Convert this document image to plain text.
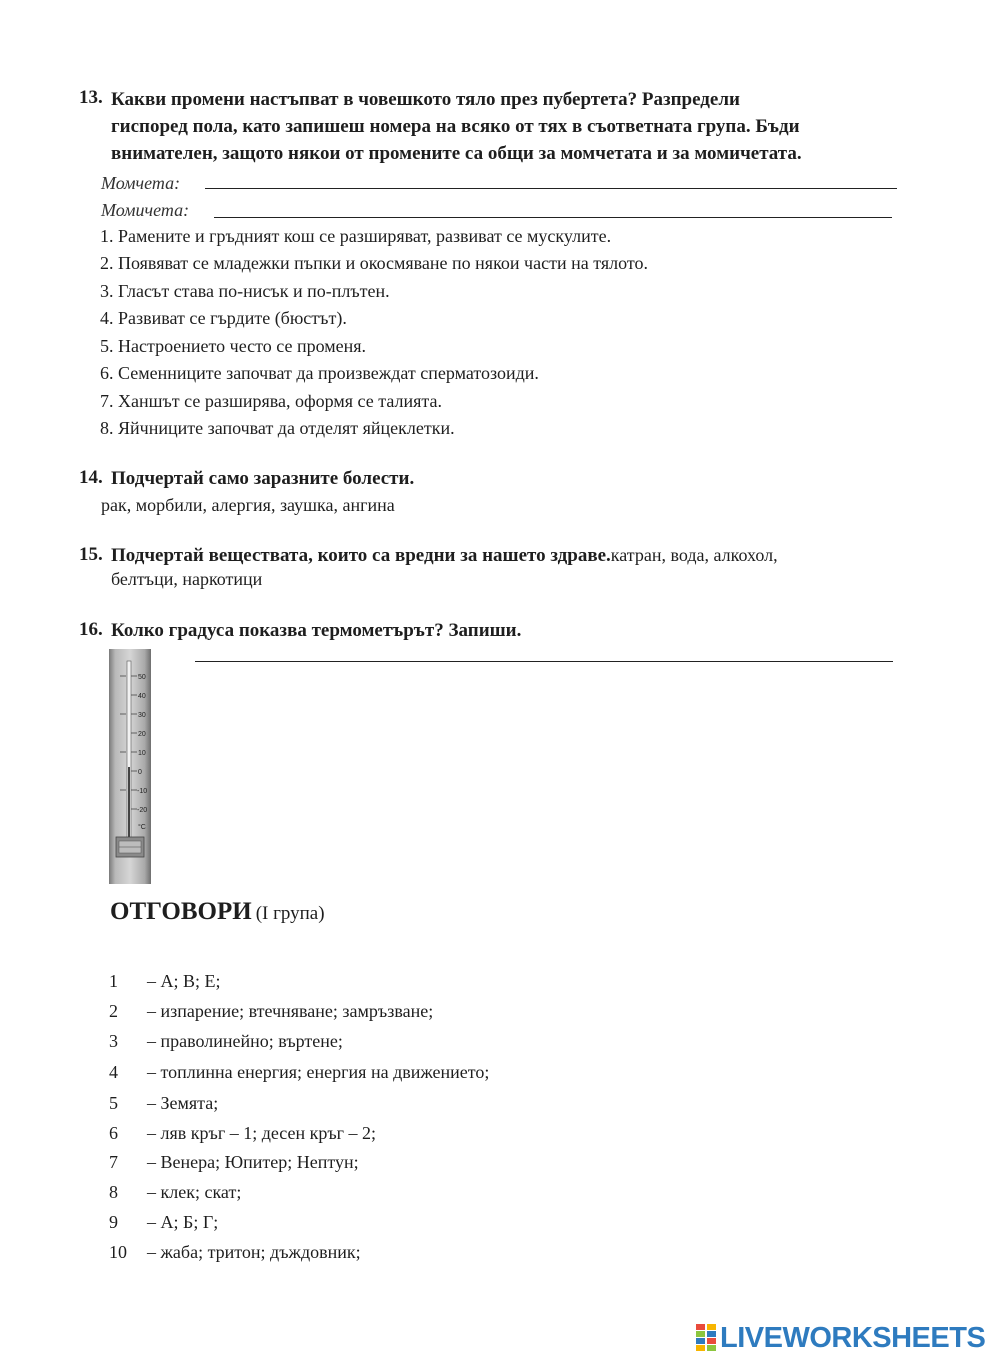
13. Какви промени настъпват в човешкото тяло през пубертета? Разпредели
гиспоред пола, като запишеш номера на всяко от тях в съответната група. Бъди
внимателен, защото някои от промените са общи за момчетата и за момичетата.
Момчета:
Момичета:
1. Рамените и гръдният кош се разширяват, развиват се мускулите.
2. Появяват се младежки пъпки и окосмяване по някои части на тялото.
3. Гласът става по-нисък и по-плътен.
4. Развиват се гърдите (бюстът).
5. Настроението често се променя.
6. Семенниците започват да произвеждат сперматозоиди.
7. Ханшът се разширява, оформя се талията.
8. Яйчниците започват да отделят яйцеклетки.
14. Подчертай само заразните болести.
рак, морбили, алергия, заушка, ангина
15. Подчертай веществата, които са вредни за нашето здраве.катран, вода, алкохол,
белтъци, наркотици
16. Колко градуса показва термометърът? Запиши.
50
40
30
20
10
0
-10
-20
°C
ОТГОВОРИ (I група)
1 – А; В; Е;
2 – изпарение; втечняване; замръзване;
3 – праволинейно; въртене;
4 – топлинна енергия; енергия на движението;
5 – Земята;
6 – ляв кръг – 1; десен кръг – 2;
7 – Венера; Юпитер; Нептун;
8 – клек; скат;
9 – А; Б; Г;
10 – жаба; тритон; дъждовник;
LIVEWORKSHEETS
